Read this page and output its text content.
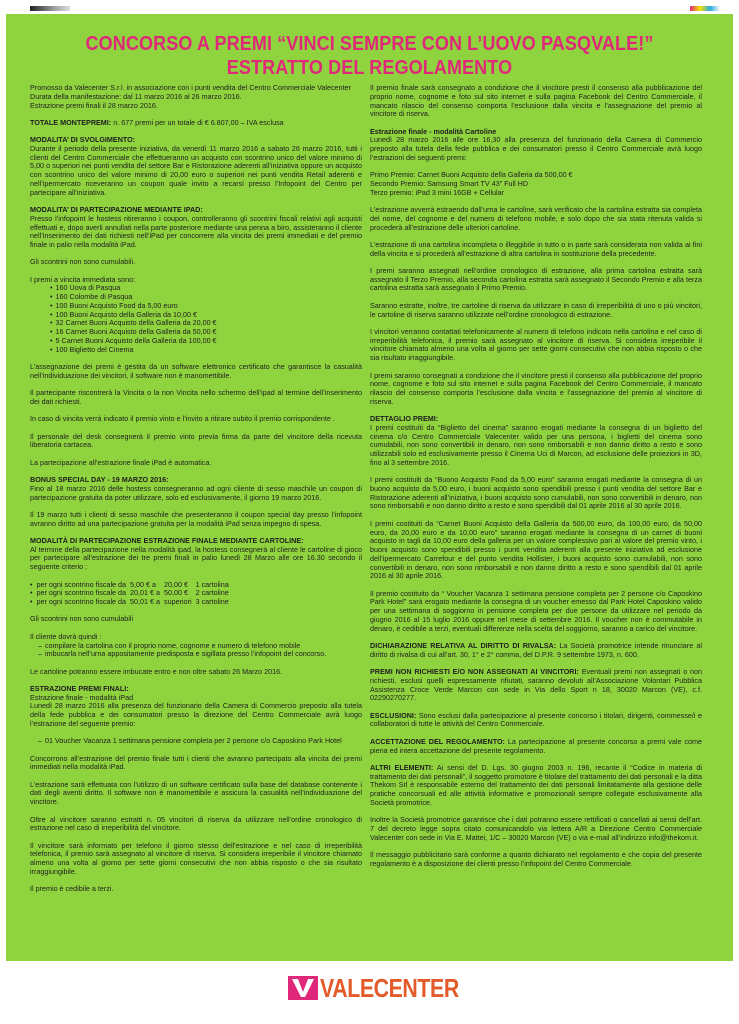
CONCORSO A PREMI “VINCI SEMPRE CON L’UOVO PASQVALE!”
ESTRATTO DEL REGOLAMENTO

Promosso da Valecenter S.r.l. in associazione con i punti vendita del Centro Commerciale Valecenter
Durata della manifestazione: dal 11 marzo 2016 al 26 marzo 2016.
Estrazione premi finali il 28 marzo 2016.

TOTALE MONTEPREMI: n. 677 premi per un totale di € 6.807,00 – IVA esclusa

MODALITA’ DI SVOLGIMENTO:
Durante il periodo della presente iniziativa, da venerdì 11 marzo 2016 a sabato 26 marzo 2016, tutti i clienti del Centro Commerciale che effettueranno un acquisto con scontrino unico del valore minimo di 5,00 o superiori nei punti vendita del settore Bar e Ristorazione aderenti all’iniziativa oppure un acquisto con scontrino unico del valore minimo di 20,00 euro o superiori nei punti vendita Retail aderenti e nell’ipermercato riceveranno un coupon quale invito a recarsi presso l’Infopoint del Centro per partecipare all’iniziativa.

MODALITA’ DI PARTECIPAZIONE MEDIANTE IPAD:
Presso l’infopoint le hostess ritireranno i coupon, controlleranno gli scontrini fiscali relativi agli acquisti effettuati e, dopo averli annullati nella parte posteriore mediante una penna a biro, assisteranno il cliente nell’inserimento dei dati richiesti nell’iPad per concorrere alla vincita dei premi immediati e del premio finale in palio nella modalità iPad.

Gli scontrini non sono cumulabili.

I premi a vincita immediata sono:
• 160 Uova di Pasqua
• 160 Colombe di Pasqua
• 100 Buoni Acquisto Food da 5,00 euro
• 100 Buoni Acquisto della Galleria da 10,00 €
• 32 Carnet Buoni Acquisto della Galleria da 20,00 €
• 16 Carnet Buoni Acquisto della Galleria da 50,00 €
• 5 Carnet Buoni Acquisto della Galleria da 100,00 €
• 100 Biglietto del Cinema

L’assegnazione dei premi è gestita da un software elettronico certificato che garantisce la casualità nell’individuazione dei vincitori, il software non è manomettibile.

Il partecipante riscontrerà la Vincita o la non Vincita nello schermo dell’ipad al termine dell’inserimento dei dati richiesti.

In caso di vincita verrà indicato il premio vinto e l’invito a ritirare subito il premio corrispondente .

Il personale del desk consegnerà il premio vinto previa firma da parte del vincitore della ricevuta liberatoria cartacea.

La partecipazione all’estrazione finale iPad è automatica.

BONUS SPECIAL DAY - 19 MARZO 2016:
Fino al 18 marzo 2016 delle hostess consegneranno ad ogni cliente di sesso maschile un coupon di partecipazione gratuita da poter utilizzare, solo ed esclusivamente, il giorno 19 marzo 2016.

Il 19 marzo tutti i clienti di sesso maschile che presenteranno il coupon special day presso l’infopoint avranno diritto ad una partecipazione gratuita per la modalità iPad senza impegno di spesa.

MODALITÀ DI PARTECIPAZIONE ESTRAZIONE FINALE MEDIANTE CARTOLINE:
Al termine della partecipazione nella modalità ipad, la hostess consegnerà al cliente le cartoline di gioco per partecipare all’estrazione dei tre premi finali in palio lunedì 28 Marzo alle ore 16.30 secondo il seguente criterio :

• per ogni scontrino fiscale da	5,00 € a	20,00 €	1 cartolina
• per ogni scontrino fiscale da	20,01 € a	50,00 €	2 cartoline
• per ogni scontrino fiscale da	50,01 € a	superiori	3 cartoline

Gli scontrini non sono cumulabili

Il cliente dovrà quindi :
– compilare la cartolina con il proprio nome, cognome e numero di telefono mobile
– imbucarla nell’urna appositamente predisposta e sigillata presso l’infopoint del concorso.

Le cartoline potranno essere imbucate entro e non oltre sabato 26 Marzo 2016.

ESTRAZIONE PREMI FINALI:
Estrazione finale - modalità iPad
Lunedì 28 marzo 2016 alla presenza del funzionario della Camera di Commercio preposto alla tutela della fede pubblica e dei consumatori presso la direzione del Centro Commerciale avrà luogo l’estrazione del seguente premio:

– 01 Voucher Vacanza 1 settimana pensione completa per 2 persone c/o Caposkino Park Hotel

Concorrono all’estrazione del premio finale tutti i clienti che avranno partecipato alla vincita dei premi immediati nella modalità iPad.

L’estrazione sarà effettuata con l’utilizzo di un software certificato sulla base del database contenente i dati degli aventi diritto. Il software non è manomettibile e assicura la casualità nell’individuazione del vincitore.

Oltre al vincitore saranno estratti n. 05 vincitori di riserva da utilizzare nell’ordine cronologico di estrazione nel caso di irreperibilità del vincitore.

Il vincitore sarà informato per telefono il giorno stesso dell’estrazione e nel caso di irreperibilità telefonica, il premio sarà assegnato al vincitore di riserva. Si considera irreperibile il vincitore chiamato almeno una volta al giorno per sette giorni consecutivi che non abbia risposto o che sia risultato irraggiungibile.

Il premio è cedibile a terzi.

Il premio finale sarà consegnato a condizione che il vincitore presti il consenso alla pubblicazione del proprio nome, cognome e foto sul sito internet e sulla pagina Facebook del Centro Commerciale, il mancato rilascio del consenso comporta l’esclusione dalla vincita e l’assegnazione del premio al vincitore di riserva.

Estrazione finale - modalità Cartoline
Lunedì 28 marzo 2016 alle ore 16,30 alla presenza del funzionario della Camera di Commercio preposto alla tutela della fede pubblica e dei consumatori presso il Centro Commerciale avrà luogo l’estrazioni dei seguenti premi:

Primo Premio: Carnet Buoni Acquisto della Galleria da 500,00 €
Secondo Premio: Samsung Smart TV 43” Full HD
Terzo premio: iPad 3 mini 16GB + Cellular

L’estrazione avverrà estraendo dall’urna le cartoline, sarà verificato che la cartolina estratta sia completa del nome, del cognome e del numero di telefono mobile, e solo dopo che sia stata ritenuta valida si procederà all’estrazione delle ulteriori cartoline.

L’estrazione di una cartolina incompleta o illeggibile in tutto o in parte sarà considerata non valida ai fini della vincita e si procederà all’estrazione di altra cartolina in sostituzione della precedente.

I premi saranno assegnati nell’ordine cronologico di estrazione, alla prima cartolina estratta sarà assegnato il Terzo Premio, alla seconda cartolina estratta sarà assegnato il Secondo Premio e alla terza cartolina estratta sarà assegnato il Primo Premio.

Saranno estratte, inoltre, tre cartoline di riserva da utilizzare in caso di irreperibilità di uno o più vincitori, le cartoline di riserva saranno utilizzate nell’ordine cronologico di estrazione.

I vincitori verranno contattati telefonicamente al numero di telefono indicato nella cartolina e nel caso di irreperibilità telefonica, il premio sarà assegnato al vincitore di riserva. Si considera irreperibile il vincitore chiamato almeno una volta al giorno per sette giorni consecutivi che non abbia risposto o che sia risultato irraggiungibile.

I premi saranno consegnati a condizione che il vincitore presti il consenso alla pubblicazione del proprio nome, cognome e foto sul sito internet e sulla pagina Facebook del Centro Commerciale, il mancato rilascio del consenso comporta l’esclusione dalla vincita e l’assegnazione del premio al vincitore di riserva.

DETTAGLIO PREMI:
I premi costituiti da “Biglietto del cinema” saranno erogati mediante la consegna di un biglietto del cinema c/o Centro Commerciale Valecenter valido per una persona, i biglietti del cinema sono cumulabili, non sono convertibili in denaro, non sono rimborsabili e non danno diritto a resto e sono utilizzabili solo ed esclusivamente presso il Cinema Uci di Marcon, ad esclusione delle proiezioni in 3D, fino al 3 settembre 2016.

I premi costituiti da “Buono Acquisto Food da 5,00 euro” saranno erogati mediante la consegna di un buono acquisto da 5,00 euro, i buoni acquisto sono spendibili presso i punti vendita del settore Bar e Ristorazione aderenti all’iniziativa, i buoni acquisto sono cumulabili, non sono convertibili in denaro, non sono rimborsabili e non danno diritto a resto e sono spendibili dal 01 aprile 2016 al 30 aprile 2016.

I premi costituiti da “Carnet Buoni Acquisto della Galleria da 500,00 euro, da 100,00 euro, da 50,00 euro, da 20,00 euro e da 10,00 euro” saranno erogati mediante la consegna di un carnet di buoni acquisto in tagli da 10,00 euro della galleria per un valore complessivo pari al valore del premio vinto, i buoni acquisto sono spendibili presso i punti vendita aderenti alla presente iniziativa ad esclusione dell’ipermercato Carrefour e del punto vendita Hollister, i buoni acquisto sono cumulabili, non sono convertibili in denaro, non sono rimborsabili e non danno diritto a resto e sono spendibili dal 01 aprile 2016 al 30 aprile 2016.

Il premio costituito da “ Voucher Vacanza 1 settimana pensione completa per 2 persone c/o Caposkino Park Hotel” sarà erogato mediante la consegna di un voucher emesso dal Park Hotel Caposkino valido per una settimana di soggiorno in pensione completa per due persone da utilizzare nel periodo da giugno 2016 al 15 luglio 2016 oppure nel mese di settembre 2016. Il voucher non è commutabile in denaro, è cedibile a terzi, eventuali differenze nella scelta del soggiorno, saranno a carico del vincitore.

DICHIARAZIONE RELATIVA AL DIRITTO DI RIVALSA: La Società promotrice intende rinunciare al diritto di rivalsa di cui all’art. 30, 1° e 2° comma, del D.P.R. 9 settembre 1973, n. 600.

PREMI NON RICHIESTI E/O NON ASSEGNATI AI VINCITORI: Eventuali premi non assegnati o non richiesti, esclusi quelli espressamente rifiutati, saranno devoluti all’Associazione Volontari Pubblica Assistenza Croce Verde Marcon con sede in Via dello Sport n 18, 30020 Marcon (VE), c.f. 02290270277.

ESCLUSIONI: Sono esclusi dalla partecipazione al presente concorso i titolari, dirigenti, commesse/i e collaboratori di tutte le attività del Centro Commerciale.

ACCETTAZIONE DEL REGOLAMENTO: La partecipazione al presente concorso a premi vale come piena ed intera accettazione del presente regolamento.

ALTRI ELEMENTI: Ai sensi del D. Lgs. 30 giugno 2003 n. 196, recante il “Codice in materia di trattamento dei dati personali”, il soggetto promotore è titolare del trattamento dei dati personali e la ditta Thekom Srl è responsabile esterno del trattamento dei dati personali limitatamente alla gestione delle pratiche concorsuali ed alle attività informative e promozionali sempre collegate esclusivamente alla Società promotrice.

Inoltre la Società promotrice garantisce che i dati potranno essere rettificati o cancellati ai sensi dell’art. 7 del decreto legge sopra citato comunicandolo via lettera A/R a Direzione Centro Commerciale Valecenter con sede in Via E. Mattei, 1/C – 30020 Marcon (VE) o via e-mail all’indirizzo info@thekom.it.

Il messaggio pubblicitario sarà conforme a quanto dichiarato nel regolamento e che copia del presente regolamento è a disposizione dei clienti presso l’infopoint del Centro Commerciale.

VALECENTER
